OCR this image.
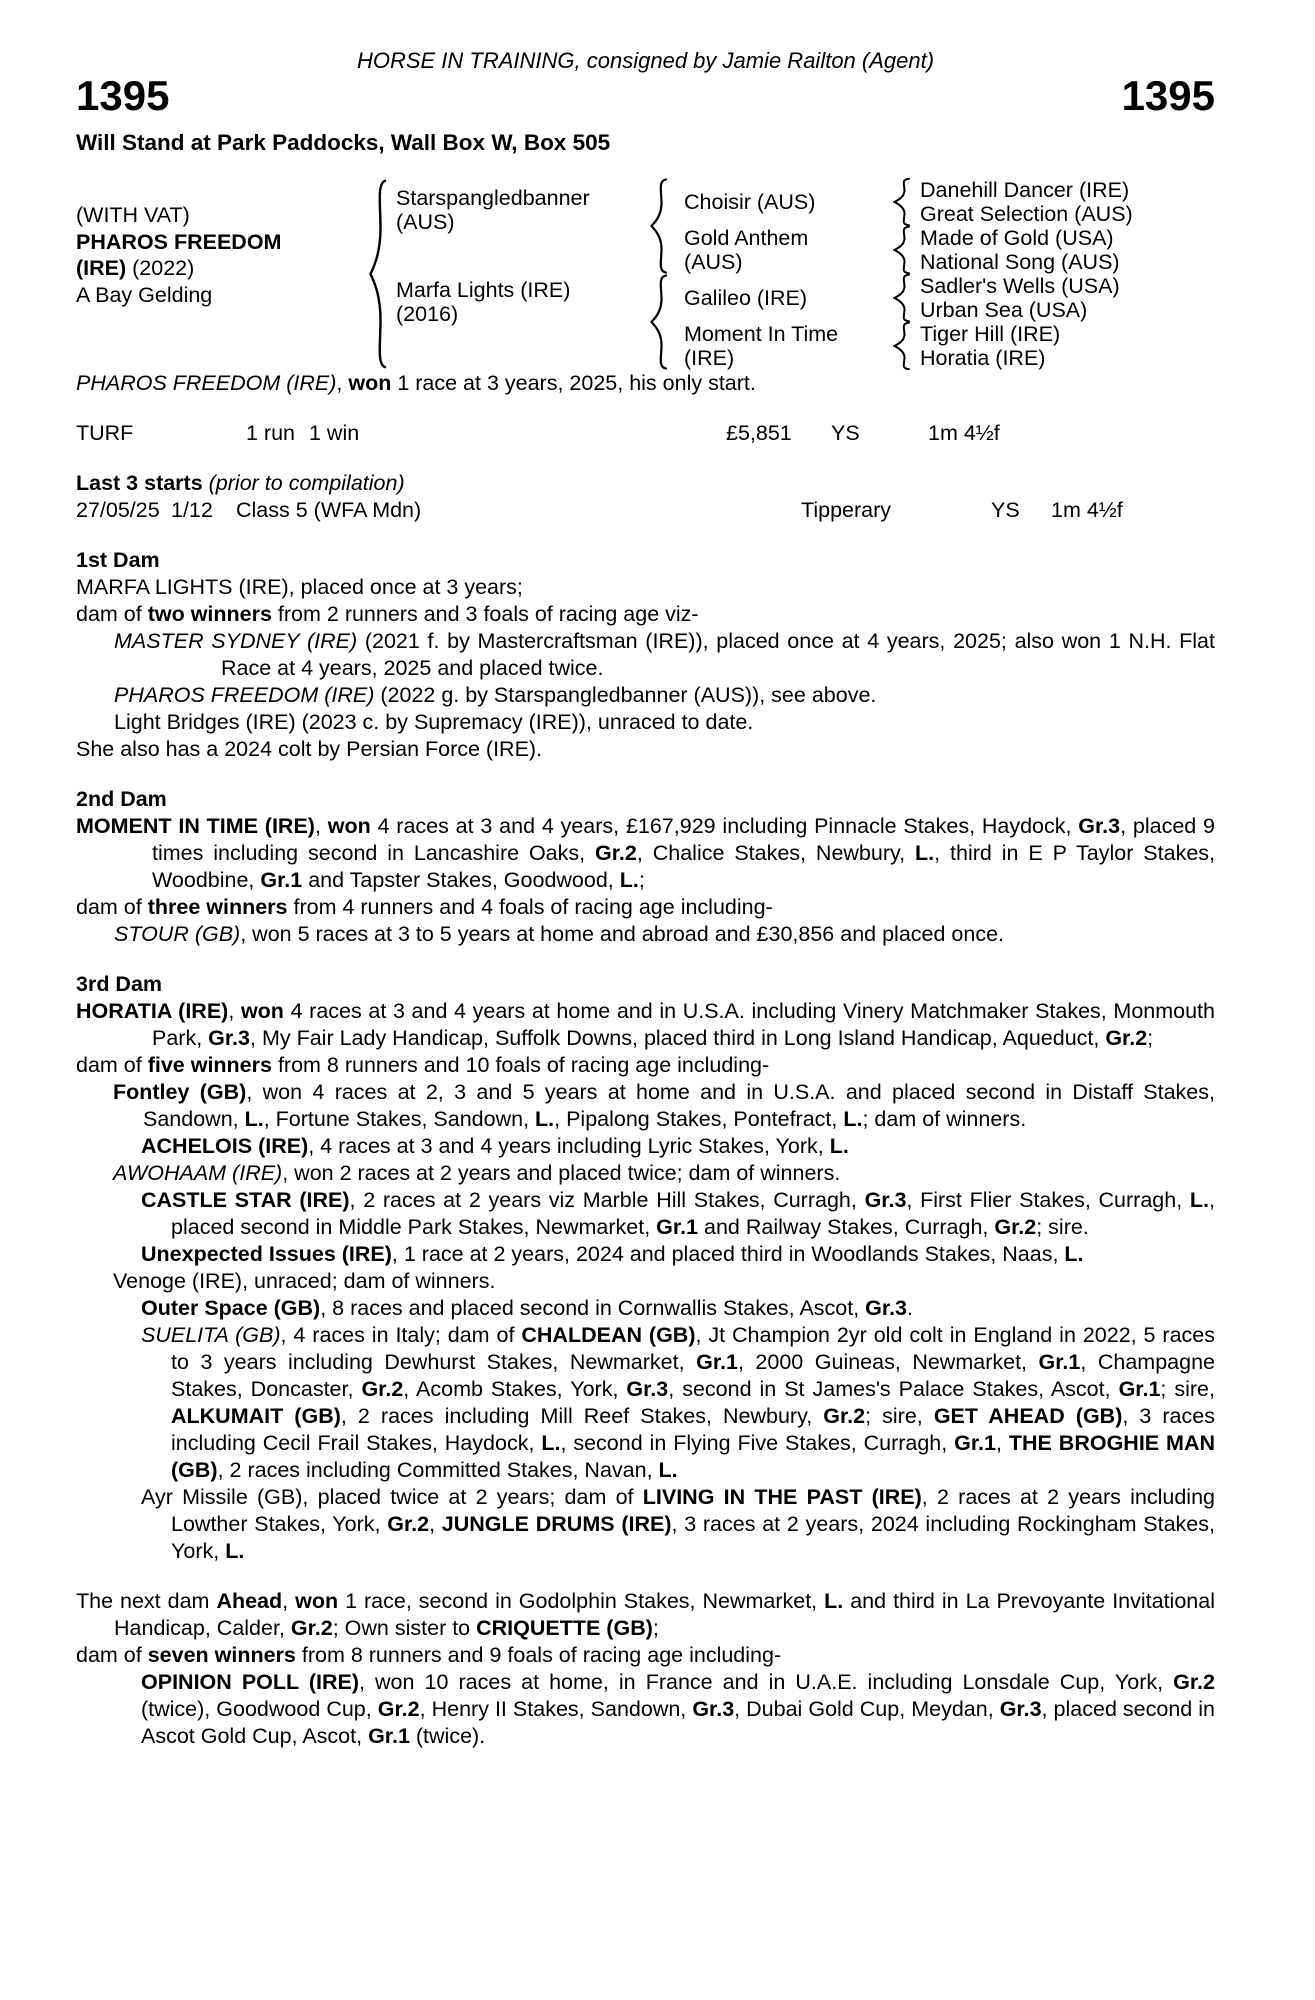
HORSE IN TRAINING, consigned by Jamie Railton (Agent)
1395	1395
Will Stand at Park Paddocks, Wall Box W, Box 505
(WITH VAT)
PHAROS FREEDOM
(IRE) (2022)
A Bay Gelding
Starspangledbanner
(AUS)
Marfa Lights (IRE)
(2016)
Choisir (AUS)
Gold Anthem
(AUS)
Galileo (IRE)
Moment In Time
(IRE)
Danehill Dancer (IRE)
Great Selection (AUS)
Made of Gold (USA)
National Song (AUS)
Sadler's Wells (USA)
Urban Sea (USA)
Tiger Hill (IRE)
Horatia (IRE)

PHAROS FREEDOM (IRE), won 1 race at 3 years, 2025, his only start.

TURF	1 run 1 win	£5,851	YS	1m 4½f
Last 3 starts (prior to compilation)
27/05/25 1/12	Class 5 (WFA Mdn)	Tipperary	YS	1m 4½f
1st Dam

MARFA LIGHTS (IRE), placed once at 3 years;

dam of two winners from 2 runners and 3 foals of racing age viz-

MASTER SYDNEY (IRE) (2021 f. by Mastercraftsman (IRE)), placed once at 4 years, 2025; also won 1 N.H. Flat Race at 4 years, 2025 and placed twice.

PHAROS FREEDOM (IRE) (2022 g. by Starspangledbanner (AUS)), see above.

Light Bridges (IRE) (2023 c. by Supremacy (IRE)), unraced to date.

She also has a 2024 colt by Persian Force (IRE).

2nd Dam

MOMENT IN TIME (IRE), won 4 races at 3 and 4 years, £167,929 including Pinnacle Stakes, Haydock, Gr.3, placed 9 times including second in Lancashire Oaks, Gr.2, Chalice Stakes, Newbury, L., third in E P Taylor Stakes, Woodbine, Gr.1 and Tapster Stakes, Goodwood, L.;

dam of three winners from 4 runners and 4 foals of racing age including-

STOUR (GB), won 5 races at 3 to 5 years at home and abroad and £30,856 and placed once.

3rd Dam

HORATIA (IRE), won 4 races at 3 and 4 years at home and in U.S.A. including Vinery Matchmaker Stakes, Monmouth Park, Gr.3, My Fair Lady Handicap, Suffolk Downs, placed third in Long Island Handicap, Aqueduct, Gr.2;

dam of five winners from 8 runners and 10 foals of racing age including-

Fontley (GB), won 4 races at 2, 3 and 5 years at home and in U.S.A. and placed second in Distaff Stakes, Sandown, L., Fortune Stakes, Sandown, L., Pipalong Stakes, Pontefract, L.; dam of winners.

ACHELOIS (IRE), 4 races at 3 and 4 years including Lyric Stakes, York, L.

AWOHAAM (IRE), won 2 races at 2 years and placed twice; dam of winners.

CASTLE STAR (IRE), 2 races at 2 years viz Marble Hill Stakes, Curragh, Gr.3, First Flier Stakes, Curragh, L., placed second in Middle Park Stakes, Newmarket, Gr.1 and Railway Stakes, Curragh, Gr.2; sire.

Unexpected Issues (IRE), 1 race at 2 years, 2024 and placed third in Woodlands Stakes, Naas, L.

Venoge (IRE), unraced; dam of winners.

Outer Space (GB), 8 races and placed second in Cornwallis Stakes, Ascot, Gr.3.

SUELITA (GB), 4 races in Italy; dam of CHALDEAN (GB), Jt Champion 2yr old colt in England in 2022, 5 races to 3 years including Dewhurst Stakes, Newmarket, Gr.1, 2000 Guineas, Newmarket, Gr.1, Champagne Stakes, Doncaster, Gr.2, Acomb Stakes, York, Gr.3, second in St James's Palace Stakes, Ascot, Gr.1; sire, ALKUMAIT (GB), 2 races including Mill Reef Stakes, Newbury, Gr.2; sire, GET AHEAD (GB), 3 races including Cecil Frail Stakes, Haydock, L., second in Flying Five Stakes, Curragh, Gr.1, THE BROGHIE MAN (GB), 2 races including Committed Stakes, Navan, L.

Ayr Missile (GB), placed twice at 2 years; dam of LIVING IN THE PAST (IRE), 2 races at 2 years including Lowther Stakes, York, Gr.2, JUNGLE DRUMS (IRE), 3 races at 2 years, 2024 including Rockingham Stakes, York, L.

The next dam Ahead, won 1 race, second in Godolphin Stakes, Newmarket, L. and third in La Prevoyante Invitational Handicap, Calder, Gr.2; Own sister to CRIQUETTE (GB);

dam of seven winners from 8 runners and 9 foals of racing age including-

OPINION POLL (IRE), won 10 races at home, in France and in U.A.E. including Lonsdale Cup, York, Gr.2 (twice), Goodwood Cup, Gr.2, Henry II Stakes, Sandown, Gr.3, Dubai Gold Cup, Meydan, Gr.3, placed second in Ascot Gold Cup, Ascot, Gr.1 (twice).
